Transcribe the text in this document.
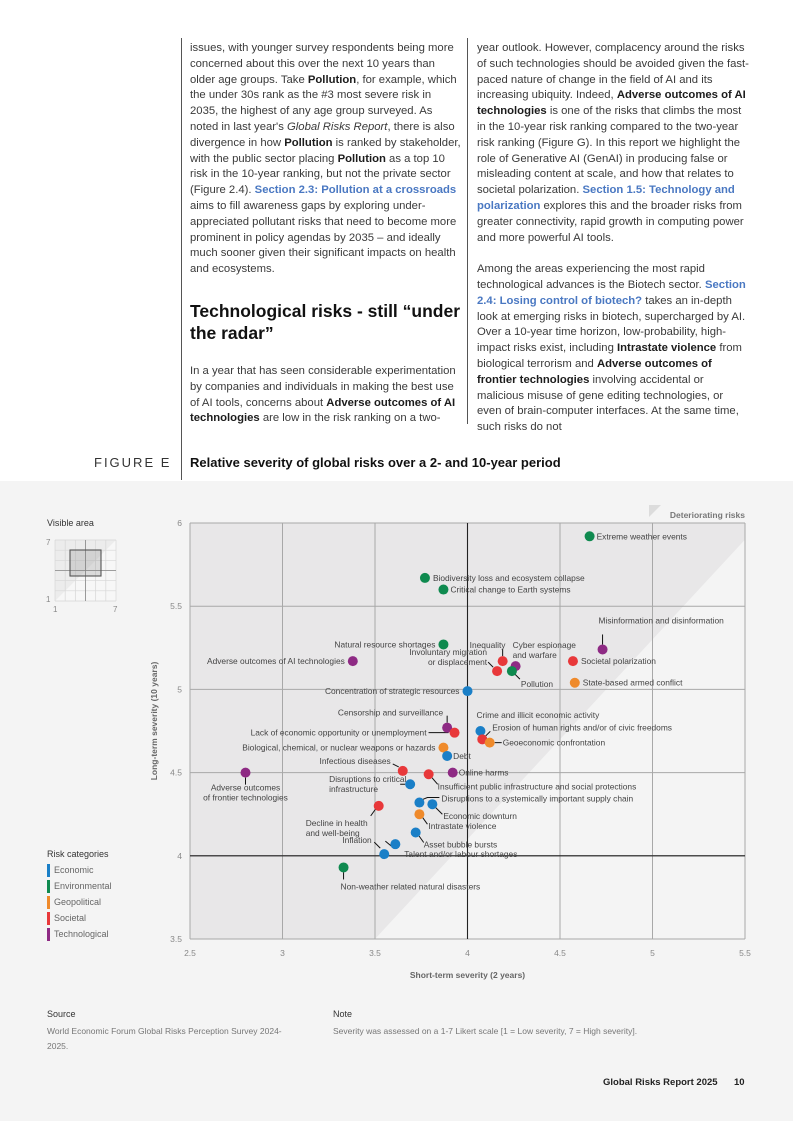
issues, with younger survey respondents being more concerned about this over the next 10 years than older age groups. Take Pollution, for example, which the under 30s rank as the #3 most severe risk in 2035, the highest of any age group surveyed. As noted in last year's Global Risks Report, there is also divergence in how Pollution is ranked by stakeholder, with the public sector placing Pollution as a top 10 risk in the 10-year ranking, but not the private sector (Figure 2.4). Section 2.3: Pollution at a crossroads aims to fill awareness gaps by exploring under-appreciated pollutant risks that need to become more prominent in policy agendas by 2035 – and ideally much sooner given their significant impacts on health and ecosystems.

Technological risks - still “under the radar”

In a year that has seen considerable experimentation by companies and individuals in making the best use of AI tools, concerns about Adverse outcomes of AI technologies are low in the risk ranking on a two-

year outlook. However, complacency around the risks of such technologies should be avoided given the fast-paced nature of change in the field of AI and its increasing ubiquity. Indeed, Adverse outcomes of AI technologies is one of the risks that climbs the most in the 10-year risk ranking compared to the two-year risk ranking (Figure G). In this report we highlight the role of Generative AI (GenAI) in producing false or misleading content at scale, and how that relates to societal polarization. Section 1.5: Technology and polarization explores this and the broader risks from greater connectivity, rapid growth in computing power and more powerful AI tools.

Among the areas experiencing the most rapid technological advances is the Biotech sector. Section 2.4: Losing control of biotech? takes an in-depth look at emerging risks in biotech, supercharged by AI. Over a 10-year time horizon, low-probability, high-impact risks exist, including Intrastate violence from biological terrorism and Adverse outcomes of frontier technologies involving accidental or malicious misuse of gene editing technologies, or even of brain-computer interfaces. At the same time, such risks do not

FIGURE E Relative severity of global risks over a 2- and 10-year period
Visible area
7
1
1	7
Risk categories
Economic
Environmental
Geopolitical
Societal
Technological
Deteriorating risks
2.5	3	3.5	4	4.5	5	5.5
3.5
4
4.5
5
5.5
6
Short-term severity (2 years)
Long-term severity (10 years)
Extreme weather events
Biodiversity loss and ecosystem collapse
Critical change to Earth systems
Natural resource shortages
Adverse outcomes of AI technologies
Misinformation and disinformation
Inequality
Involuntary migration or displacement
Cyber espionage and warfare
Pollution
Societal polarization
State-based armed conflict
Concentration of strategic resources
Censorship and surveillance
Lack of economic opportunity or unemployment
Crime and illicit economic activity
Erosion of human rights and/or of civic freedoms
Geoeconomic confrontation
Biological, chemical, or nuclear weapons or hazards
Debt
Infectious diseases
Online harms
Adverse outcomes of frontier technologies
Insufficient public infrastructure and social protections
Disruptions to critical infrastructure
Disruptions to a systemically important supply chain
Economic downturn
Decline in health and well-being
Intrastate violence
Asset bubble bursts
Inflation
Talent and/or labour shortages
Non-weather related natural disasters
Source
World Economic Forum Global Risks Perception Survey 2024-2025.
Note
Severity was assessed on a 1-7 Likert scale [1 = Low severity, 7 = High severity].
Global Risks Report 2025 10
